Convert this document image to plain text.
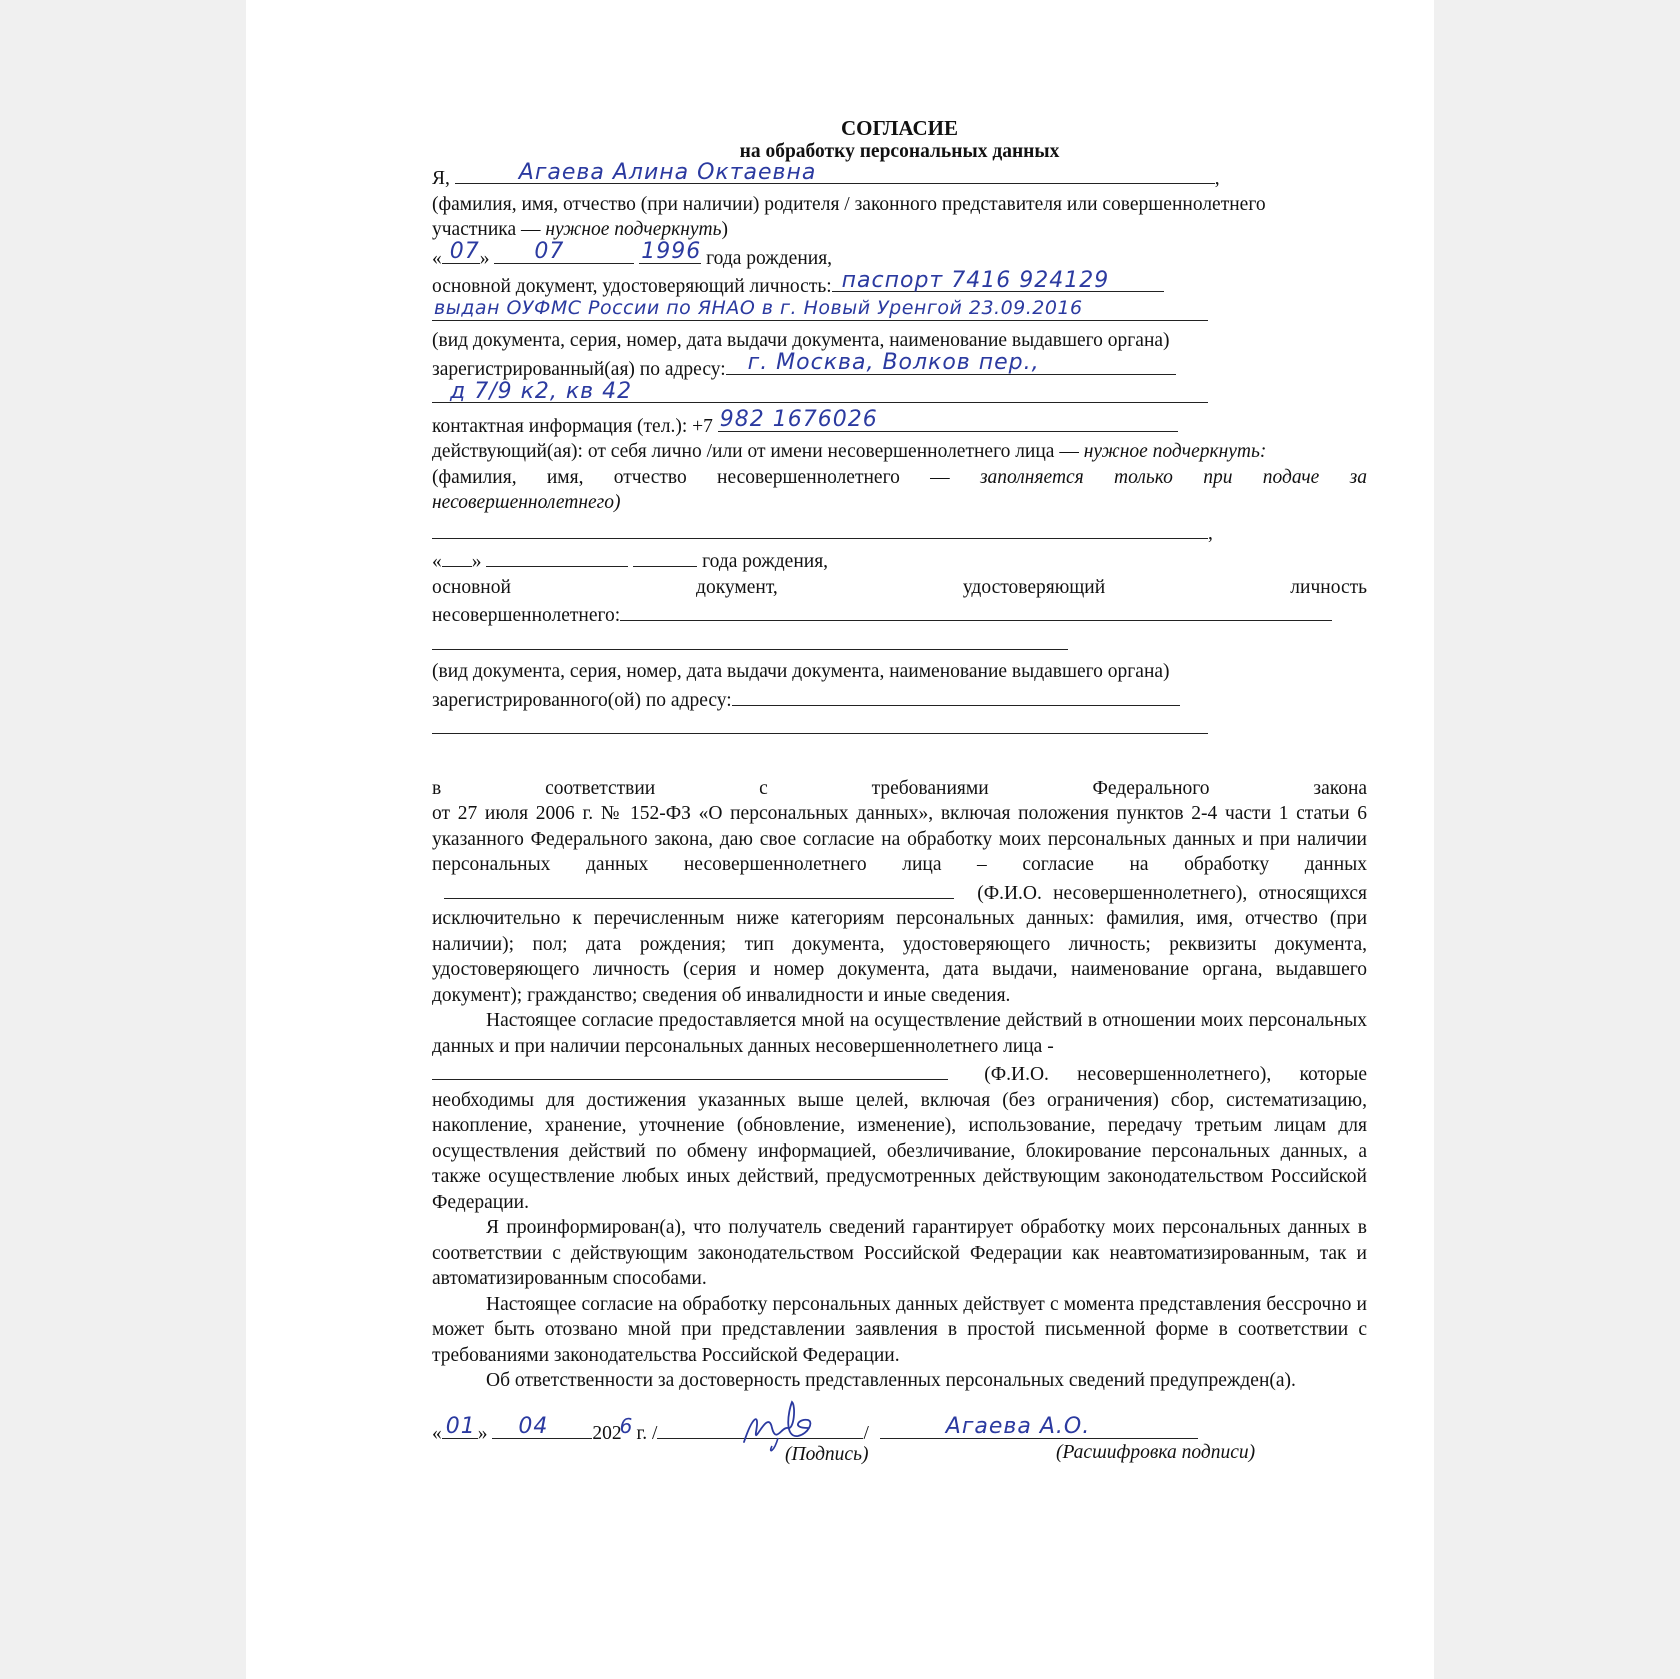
СОГЛАСИЕ
на обработку персональных данных
Я,	Агаева Алина Октаевна	,
(фамилия, имя, отчество (при наличии) родителя / законного представителя или совершеннолетнего
участника — нужное подчеркнуть)
« 07 » 07
	1996 года рождения,
основной документ, удостоверяющий личность: паспорт 7416 924129
выдан ОУФМС России по ЯНАО в г. Новый Уренгой 23.09.2016
(вид документа, серия, номер, дата выдачи документа, наименование выдавшего органа)
зарегистрированный(ая) по адресу: г. Москва, Волков пер.,
д 7/9 к2, кв 42
контактная информация (тел.): +7 982 1676026
действующий(ая): от себя лично /или от имени несовершеннолетнего лица — нужное подчеркнуть:
(фамилия, имя, отчество несовершеннолетнего — заполняется только при подаче за
несовершеннолетнего)
,
« »	года рождения,
основной	документ,	удостоверяющий	личность
несовершеннолетнего:
(вид документа, серия, номер, дата выдачи документа, наименование выдавшего органа)
зарегистрированного(ой) по адресу:
в	соответствии	с	требованиями	Федерального	закона
от 27 июля 2006 г. № 152-ФЗ «О персональных данных», включая положения пунктов 2-4 части 1 статьи 6 указанного Федерального закона, даю свое согласие на обработку моих персональных данных и при наличии персональных данных несовершеннолетнего лица – согласие на обработку данных  (Ф.И.О. несовершеннолетнего), относящихся исключительно к перечисленным ниже категориям персональных данных: фамилия, имя, отчество (при наличии); пол; дата рождения; тип документа, удостоверяющего личность; реквизиты документа, удостоверяющего личность (серия и номер документа, дата выдачи, наименование органа, выдавшего документ); гражданство; сведения об инвалидности и иные сведения.
Настоящее согласие предоставляется мной на осуществление действий в отношении моих персональных данных и при наличии персональных данных несовершеннолетнего лица -
(Ф.И.О. несовершеннолетнего), которые необходимы для достижения указанных выше целей, включая (без ограничения) сбор, систематизацию, накопление, хранение, уточнение (обновление, изменение), использование, передачу третьим лицам для осуществления действий по обмену информацией, обезличивание, блокирование персональных данных, а также осуществление любых иных действий, предусмотренных действующим законодательством Российской Федерации.
Я проинформирован(а), что получатель сведений гарантирует обработку моих персональных данных в соответствии с действующим законодательством Российской Федерации как неавтоматизированным, так и автоматизированным способами.
Настоящее согласие на обработку персональных данных действует с момента представления бессрочно и может быть отозвано мной при представлении заявления в простой письменной форме в соответствии с требованиями законодательства Российской Федерации.
Об ответственности за достоверность представленных персональных сведений предупрежден(а).
« 01 » 04 202
6 г. /	/	Агаева А.О.
(Подпись)	(Расшифровка подписи)
